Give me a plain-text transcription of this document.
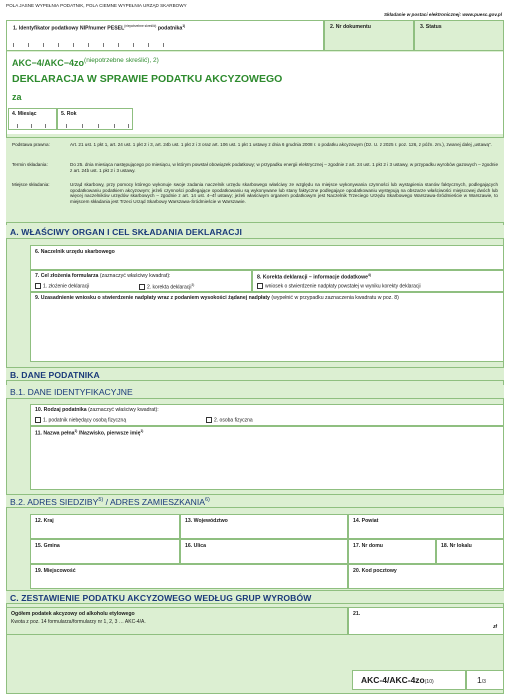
POLA JASNE WYPEŁNIA PODATNIK, POLA CIEMNE WYPEŁNIA URZĄD SKARBOWY
Składanie w postaci elektronicznej: www.puesc.gov.pl
1. Identyfikator podatkowy NIP/numer PESEL$^{(niepotrzebne skreślić)}$ podatnika$^{1)}$	2. Nr dokumentu	3. Status
$AKC-4/AKC-4zo^{(niepotrzebne skreślić), 2)}$
DEKLARACJA W SPRAWIE PODATKU AKCYZOWEGO
za
4. Miesiąc	5. Rok
Podstawa prawna:	Art. 21 ust. 1 pkt 1, art. 24 ust. 1 pkt 2 i 3, art. 24b ust. 1 pkt 2 i 3 oraz art. 106 ust. 1 pkt 1 ustawy z dnia 6 grudnia 2008 r. o podatku akcyzowym (Dz. U. z 2025 r. poz. 126, z późn. zm.), zwanej dalej „ustawą”.
Termin składania:	Do 25. dnia miesiąca następującego po miesiącu, w którym powstał obowiązek podatkowy; w przypadku energii elektrycznej – zgodnie z art. 24 ust. 1 pkt 2 i 3 ustawy, w przypadku wyrobów gazowych – zgodnie z art. 24b ust. 1 pkt 2 i 3 ustawy.
Miejsce składania:	Urząd skarbowy, przy pomocy którego wykonuje swoje zadania naczelnik urzędu skarbowego właściwy ze względu na miejsce wykonywania czynności lub wystąpienia stanów faktycznych, podlegających opodatkowaniu podatkiem akcyzowym; jeżeli czynności podlegające opodatkowaniu są wykonywane lub stany faktyczne podlegające opodatkowaniu występują na obszarze właściwości miejscowej dwóch lub więcej naczelników urzędów skarbowych – zgodnie z art. 14 ust. 4–4f ustawy; jeżeli właściwym organem podatkowym jest Naczelnik Trzeciego Urzędu Skarbowego Warszawa-Śródmieście w Warszawie, to miejscem składania jest Trzeci Urząd Skarbowy Warszawa-Śródmieście w Warszawie.
A. WŁAŚCIWY ORGAN I CEL SKŁADANIA DEKLARACJI
6. Naczelnik urzędu skarbowego
7. Cel złożenia formularza (zaznaczyć właściwy kwadrat):
1. złożenie deklaracji	2. korekta deklaracji$^{3)}$
8. Korekta deklaracji – informacje dodatkowe$^{4)}$
wniosek o stwierdzenie nadpłaty powstałej w wyniku korekty deklaracji
9. Uzasadnienie wniosku o stwierdzenie nadpłaty wraz z podaniem wysokości żądanej nadpłaty (wypełnić w przypadku zaznaczenia kwadratu w poz. 8)
B. DANE PODATNIKA
B.1. DANE IDENTYFIKACYJNE
10. Rodzaj podatnika (zaznaczyć właściwy kwadrat):
1. podatnik niebędący osobą fizyczną	2. osoba fizyczna
11. Nazwa pełna$^{1)}$ /Nazwisko, pierwsze imię$^{1)}$
B.2. ADRES SIEDZIBY$^{5)}$ / ADRES ZAMIESZKANIA$^{6)}$
12. Kraj	13. Województwo	14. Powiat
15. Gmina	16. Ulica	17. Nr domu	18. Nr lokalu
19. Miejscowość	20. Kod pocztowy
C. ZESTAWIENIE PODATKU AKCYZOWEGO WEDŁUG GRUP WYROBÓW
Ogółem podatek akcyzowy od alkoholu etylowego
Kwota z poz. 14 formularza/formularzy nr 1, 2, 3 … AKC-4/A.
21.
zł
AKC-4/AKC-4zo(10)	1/3
